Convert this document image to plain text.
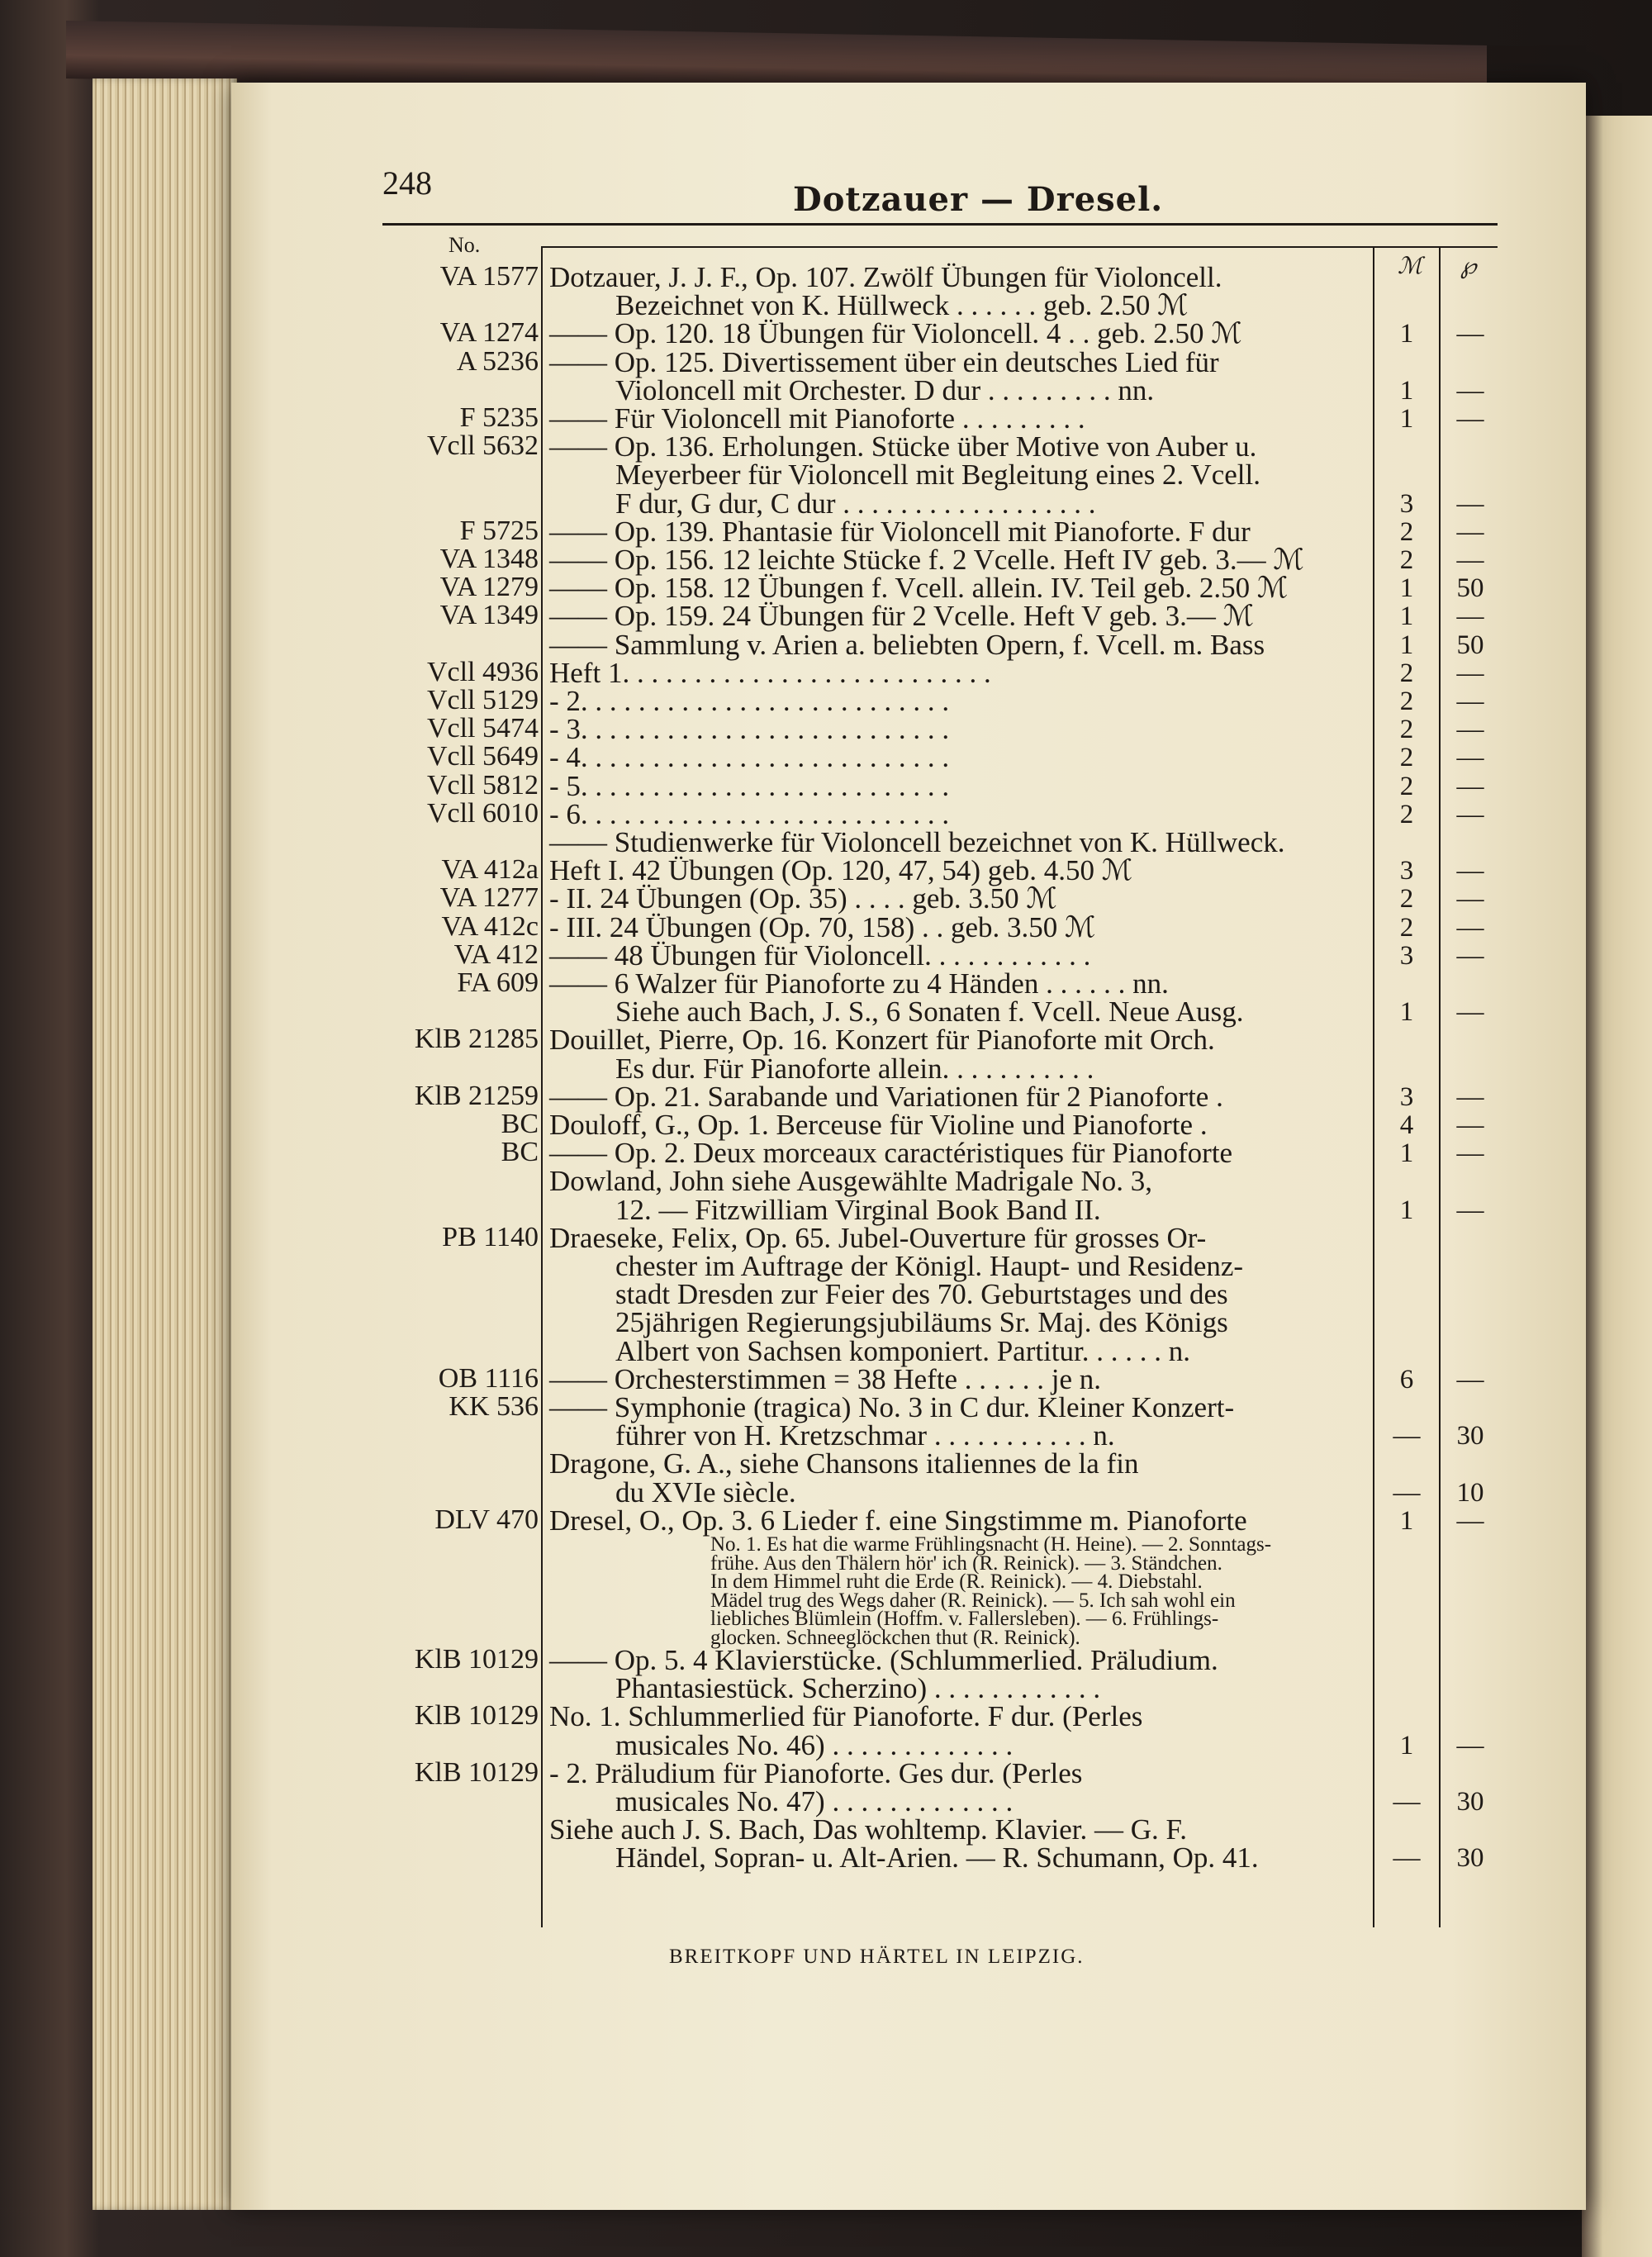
248	Dotzauer — Dresel.
No.
ℳ ℘
VA 1577 Dotzauer, J. J. F., Op. 107. Zwölf Übungen für Violoncell.
Bezeichnet von K. Hüllweck . . . . . . geb. 2.50 ℳ
VA 1274 —— Op. 120. 18 Übungen für Violoncell. 4 . . geb. 2.50 ℳ	1	—
A 5236 —— Op. 125. Divertissement über ein deutsches Lied für
Violoncell mit Orchester. D dur . . . . . . . . . nn.	1	—
F 5235 —— Für Violoncell mit Pianoforte . . . . . . . . .	1	—
Vcll 5632 —— Op. 136. Erholungen. Stücke über Motive von Auber u.
Meyerbeer für Violoncell mit Begleitung eines 2. Vcell.
F dur, G dur, C dur . . . . . . . . . . . . . . . . . .	3	—
F 5725 —— Op. 139. Phantasie für Violoncell mit Pianoforte. F dur	2	—
VA 1348 —— Op. 156. 12 leichte Stücke f. 2 Vcelle. Heft IV geb. 3.— ℳ	2	—
VA 1279 —— Op. 158. 12 Übungen f. Vcell. allein. IV. Teil geb. 2.50 ℳ	1	50
VA 1349 —— Op. 159. 24 Übungen für 2 Vcelle. Heft V geb. 3.— ℳ	1	—
—— Sammlung v. Arien a. beliebten Opern, f. Vcell. m. Bass	1	50
Vcll 4936 Heft 1. . . . . . . . . . . . . . . . . . . . . . . . . .	2	—
Vcll 5129 - 2. . . . . . . . . . . . . . . . . . . . . . . . . .	2	—
Vcll 5474 - 3. . . . . . . . . . . . . . . . . . . . . . . . . .	2	—
Vcll 5649 - 4. . . . . . . . . . . . . . . . . . . . . . . . . .	2	—
Vcll 5812 - 5. . . . . . . . . . . . . . . . . . . . . . . . . .	2	—
Vcll 6010 - 6. . . . . . . . . . . . . . . . . . . . . . . . . .	2	—
—— Studienwerke für Violoncell bezeichnet von K. Hüllweck.
VA 412a Heft I. 42 Übungen (Op. 120, 47, 54) geb. 4.50 ℳ	3	—
VA 1277 - II. 24 Übungen (Op. 35) . . . . geb. 3.50 ℳ	2	—
VA 412c - III. 24 Übungen (Op. 70, 158) . . geb. 3.50 ℳ	2	—
VA 412 —— 48 Übungen für Violoncell. . . . . . . . . . . .	3	—
FA 609 —— 6 Walzer für Pianoforte zu 4 Händen . . . . . . nn.
Siehe auch Bach, J. S., 6 Sonaten f. Vcell. Neue Ausg.	1	—
KlB 21285 Douillet, Pierre, Op. 16. Konzert für Pianoforte mit Orch.
Es dur. Für Pianoforte allein. . . . . . . . . . .
KlB 21259 —— Op. 21. Sarabande und Variationen für 2 Pianoforte .	3	—
BC Douloff, G., Op. 1. Berceuse für Violine und Pianoforte .	4	—
BC —— Op. 2. Deux morceaux caractéristiques für Pianoforte	1	—
Dowland, John siehe Ausgewählte Madrigale No. 3,
12. — Fitzwilliam Virginal Book Band II.	1	—
PB 1140 Draeseke, Felix, Op. 65. Jubel-Ouverture für grosses Or-
chester im Auftrage der Königl. Haupt- und Residenz-
stadt Dresden zur Feier des 70. Geburtstages und des
25jährigen Regierungsjubiläums Sr. Maj. des Königs
Albert von Sachsen komponiert. Partitur. . . . . . n.
OB 1116 —— Orchesterstimmen = 38 Hefte . . . . . . je n.	6	—
KK 536 —— Symphonie (tragica) No. 3 in C dur. Kleiner Konzert-
führer von H. Kretzschmar . . . . . . . . . . . n.	—	30
Dragone, G. A., siehe Chansons italiennes de la fin
du XVIe siècle.	—	10
DLV 470 Dresel, O., Op. 3. 6 Lieder f. eine Singstimme m. Pianoforte	1	—
No. 1. Es hat die warme Frühlingsnacht (H. Heine). — 2. Sonntags-
frühe. Aus den Thälern hör' ich (R. Reinick). — 3. Ständchen.
In dem Himmel ruht die Erde (R. Reinick). — 4. Diebstahl.
Mädel trug des Wegs daher (R. Reinick). — 5. Ich sah wohl ein
liebliches Blümlein (Hoffm. v. Fallersleben). — 6. Frühlings-
glocken. Schneeglöckchen thut (R. Reinick).
KlB 10129 —— Op. 5. 4 Klavierstücke. (Schlummerlied. Präludium.
Phantasiestück. Scherzino) . . . . . . . . . . . .
KlB 10129 No. 1. Schlummerlied für Pianoforte. F dur. (Perles
musicales No. 46) . . . . . . . . . . . . .	1	—
KlB 10129 - 2. Präludium für Pianoforte. Ges dur. (Perles
musicales No. 47) . . . . . . . . . . . . .	—	30
Siehe auch J. S. Bach, Das wohltemp. Klavier. — G. F.
Händel, Sopran- u. Alt-Arien. — R. Schumann, Op. 41.	—	30
BREITKOPF UND HÄRTEL IN LEIPZIG.
